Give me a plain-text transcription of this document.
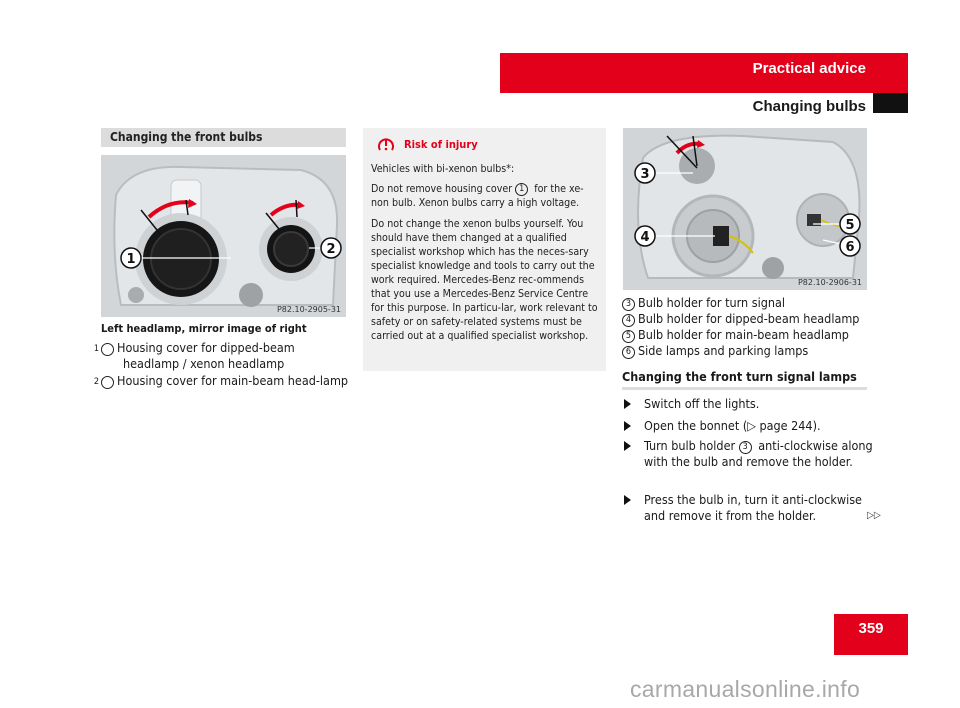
Practical advice
Changing bulbs
Changing the front bulbs
1
2
P82.10-2905-31
Left headlamp, mirror image of right
1 Housing cover for dipped-beam headlamp / xenon headlamp
2 Housing cover for main-beam head-lamp
Risk of injury
Vehicles with bi-xenon bulbs*:
Do not remove housing cover 1 for the xe-non bulb. Xenon bulbs carry a high voltage.
Do not change the xenon bulbs yourself. You should have them changed at a qualified specialist workshop which has the neces-sary specialist knowledge and tools to carry out the work required. Mercedes-Benz rec-ommends that you use a Mercedes-Benz Service Centre for this purpose. In particu-lar, work relevant to safety or on safety-related systems must be carried out at a qualified specialist workshop.
3
4
5
6
P82.10-2906-31
3 Bulb holder for turn signal
4 Bulb holder for dipped-beam headlamp
5 Bulb holder for main-beam headlamp
6 Side lamps and parking lamps
Changing the front turn signal lamps
Switch off the lights.
Open the bonnet (▷ page 244).
Turn bulb holder 3 anti-clockwise along with the bulb and remove the holder.
Press the bulb in, turn it anti-clockwise and remove it from the holder.	▷▷
359
carmanualsonline.info
